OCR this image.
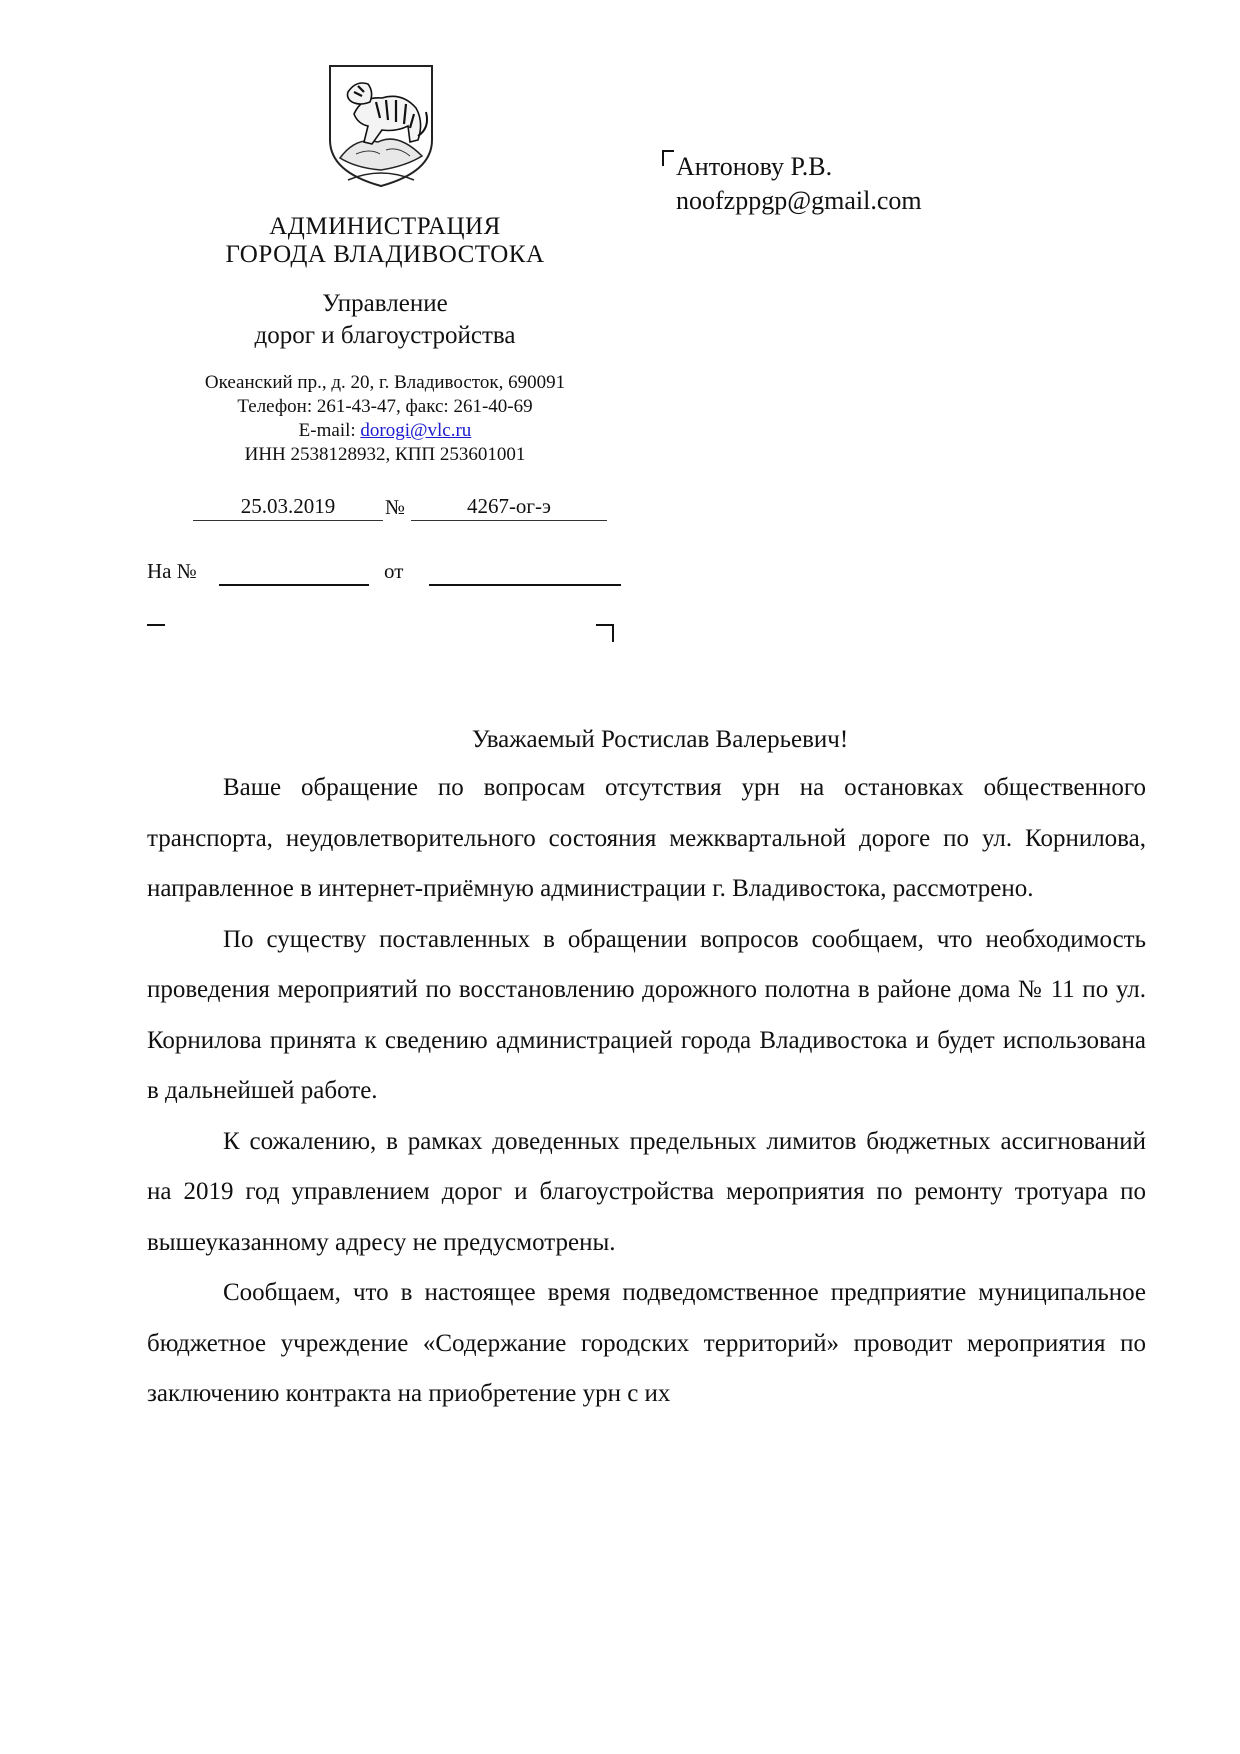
АДМИНИСТРАЦИЯ
ГОРОДА ВЛАДИВОСТОКА
Управление
дорог и благоустройства
Океанский пр., д. 20, г. Владивосток, 690091
Телефон: 261-43-47, факс: 261-40-69
E-mail: dorogi@vlc.ru
ИНН 2538128932, КПП 253601001
25.03.2019	№	4267-ог-э
На №	от
Антонову Р.В.
noofzppgp@gmail.com
Уважаемый Ростислав Валерьевич!

Ваше обращение по вопросам отсутствия урн на остановках общественного транспорта, неудовлетворительного состояния межквартальной дороге по ул. Корнилова, направленное в интернет-приёмную администрации г. Владивостока, рассмотрено.

По существу поставленных в обращении вопросов сообщаем, что необходимость проведения мероприятий по восстановлению дорожного полотна в районе дома № 11 по ул. Корнилова принята к сведению администрацией города Владивостока и будет использована в дальнейшей работе.

К сожалению, в рамках доведенных предельных лимитов бюджетных ассигнований на 2019 год управлением дорог и благоустройства мероприятия по ремонту тротуара по вышеуказанному адресу не предусмотрены.

Сообщаем, что в настоящее время подведомственное предприятие муниципальное бюджетное учреждение «Содержание городских территорий» проводит мероприятия по заключению контракта на приобретение урн с их
